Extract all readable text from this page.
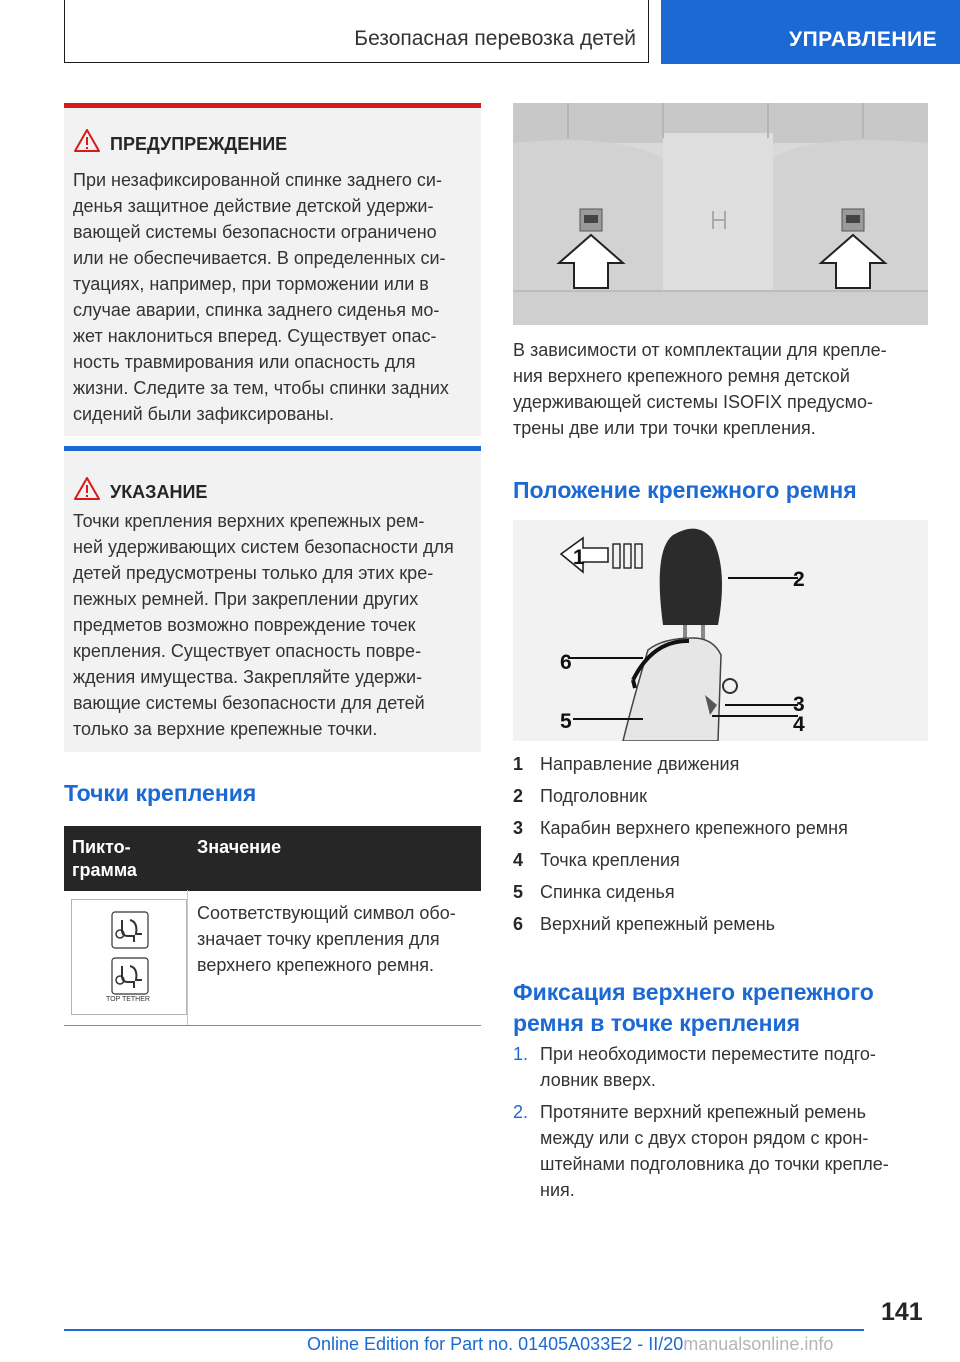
Безопасная перевозка детей	УПРАВЛЕНИЕ
ПРЕДУПРЕЖДЕНИЕ

При незафиксированной спинке заднего си-

денья защитное действие детской удержи-

вающей системы безопасности ограничено

или не обеспечивается. В определенных си-

туациях, например, при торможении или в

случае аварии, спинка заднего сиденья мо-

жет наклониться вперед. Существует опас-

ность травмирования или опасность для

жизни. Следите за тем, чтобы спинки задних

сидений были зафиксированы.

УКАЗАНИЕ

Точки крепления верхних крепежных рем-

ней удерживающих систем безопасности для

детей предусмотрены только для этих кре-

пежных ремней. При закреплении других

предметов возможно повреждение точек

крепления. Существует опасность повре-

ждения имущества. Закрепляйте удержи-

вающие системы безопасности для детей

только за верхние крепежные точки.

Точки крепления
Пикто-
грамма
Значение
TOP TETHER

Соответствующий символ обо-

значает точку крепления для

верхнего крепежного ремня.

В зависимости от комплектации для крепле-

ния верхнего крепежного ремня детской

удерживающей системы ISOFIX предусмо-

трены две или три точки крепления.

Положение крепежного ремня
1
2
3
4
5
6
1 Направление движения
2 Подголовник
3 Карабин верхнего крепежного ремня
4 Точка крепления
5 Спинка сиденья
6 Верхний крепежный ремень
Фиксация верхнего крепежного
ремня в точке крепления
1. При необходимости переместите подго-

ловник вверх.

2. Протяните верхний крепежный ремень

между или с двух сторон рядом с крон-

штейнами подголовника до точки крепле-

ния.

141
Online Edition for Part no. 01405A033E2 - II/20manualsonline.info
